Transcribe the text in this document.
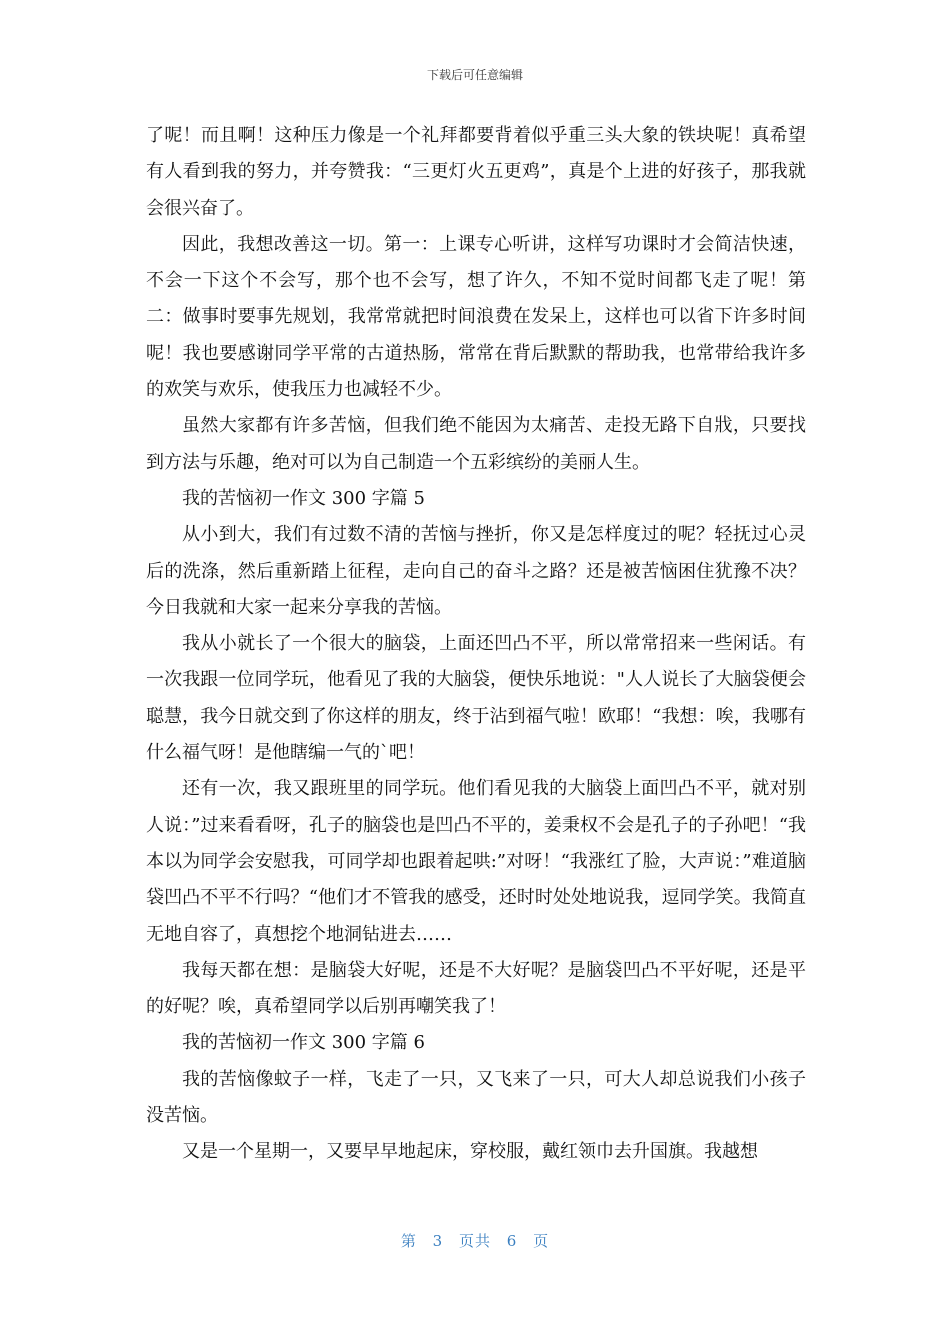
下载后可任意编辑

了呢！而且啊！这种压力像是一个礼拜都要背着似乎重三头大象的铁块呢！真希望有人看到我的努力，并夸赞我：“三更灯火五更鸡”，真是个上进的好孩子，那我就会很兴奋了。

因此，我想改善这一切。第一：上课专心听讲，这样写功课时才会简洁快速，不会一下这个不会写，那个也不会写，想了许久，不知不觉时间都飞走了呢！第二：做事时要事先规划，我常常就把时间浪费在发呆上，这样也可以省下许多时间呢！我也要感谢同学平常的古道热肠，常常在背后默默的帮助我，也常带给我许多的欢笑与欢乐，使我压力也减轻不少。

虽然大家都有许多苦恼，但我们绝不能因为太痛苦、走投无路下自戕，只要找到方法与乐趣，绝对可以为自己制造一个五彩缤纷的美丽人生。

我的苦恼初一作文 300 字篇 5

从小到大，我们有过数不清的苦恼与挫折，你又是怎样度过的呢？轻抚过心灵后的洗涤，然后重新踏上征程，走向自己的奋斗之路？还是被苦恼困住犹豫不决？今日我就和大家一起来分享我的苦恼。

我从小就长了一个很大的脑袋，上面还凹凸不平，所以常常招来一些闲话。有一次我跟一位同学玩，他看见了我的大脑袋，便快乐地说："人人说长了大脑袋便会聪慧，我今日就交到了你这样的朋友，终于沾到福气啦！欧耶！“我想：唉，我哪有什么福气呀！是他瞎编一气的`吧！

还有一次，我又跟班里的同学玩。他们看见我的大脑袋上面凹凸不平，就对别人说：”过来看看呀，孔子的脑袋也是凹凸不平的，姜秉权不会是孔子的子孙吧！“我本以为同学会安慰我，可同学却也跟着起哄:”对呀！“我涨红了脸，大声说：”难道脑袋凹凸不平不行吗？“他们才不管我的感受，还时时处处地说我，逗同学笑。我简直无地自容了，真想挖个地洞钻进去……

我每天都在想：是脑袋大好呢，还是不大好呢？是脑袋凹凸不平好呢，还是平的好呢？唉，真希望同学以后别再嘲笑我了！

我的苦恼初一作文 300 字篇 6

我的苦恼像蚊子一样，飞走了一只，又飞来了一只，可大人却总说我们小孩子没苦恼。

又是一个星期一，又要早早地起床，穿校服，戴红领巾去升国旗。我越想

第 3 页共 6 页
